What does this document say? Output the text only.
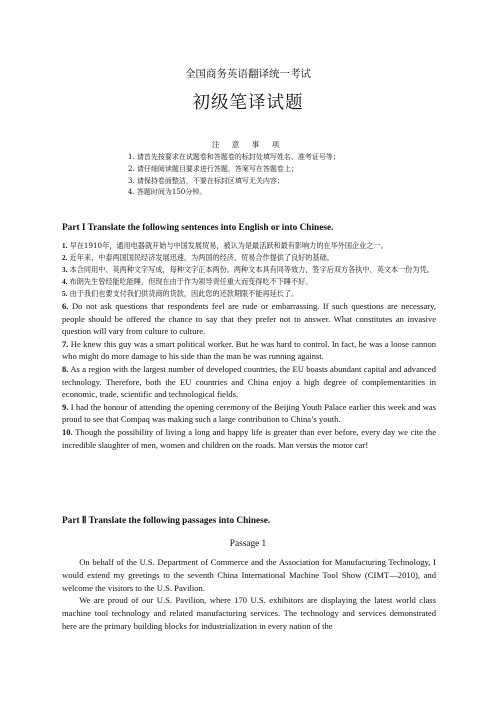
全国商务英语翻译统一考试
初级笔译试题
注 意 事 项
1. 请首先按要求在试题卷和答题卷的标封处填写姓名、准考证号等；
2. 请仔细阅读题目要求进行答题，答案写在答题卷上；
3. 请保持卷面整洁，不要在标封区填写无关内容；
4. 答题时间为150分钟。
Part I Translate the following sentences into English or into Chinese.
1. 早在1910年，通用电器就开始与中国发展贸易，被认为是最活跃和最有影响力的在华外国企业之一。
2. 近年来，中泰两国国民经济发展迅速，为两国的经济、贸易合作提供了良好的基础。
3. 本合同用中、英两种文字写成，每种文字正本两份。两种文本具有同等效力，签字后双方各执中、英文本一份为凭。
4. 布朗先生曾经能吃能睡，但现在由于作为领导责任重大而变得吃不下睡不好。
5. 由于我们也要支付我们供货商的货款，因此您的还款期限不能再延长了。
6. Do not ask questions that respondents feel are rude or embarrassing. If such questions are necessary, people should be offered the chance to say that they prefer not to answer. What constitutes an invasive question will vary from culture to culture.
7. He knew this guy was a smart political worker. But he was hard to control. In fact, he was a loose cannon who might do more damage to his side than the man he was running against.
8. As a region with the largest number of developed countries, the EU boasts abundant capital and advanced technology. Therefore, both the EU countries and China enjoy a high degree of complementarities in economic, trade, scientific and technological fields.
9. I had the honour of attending the opening ceremony of the Beijing Youth Palace earlier this week and was proud to see that Compaq was making such a large contribution to China’s youth.
10. Though the possibility of living a long and happy life is greater than ever before, every day we cite the incredible slaughter of men, women and children on the roads. Man versus the motor car!
Part Ⅱ Translate the following passages into Chinese.
Passage 1

On behalf of the U.S. Department of Commerce and the Association for Manufacturing Technology, I would extend my greetings to the seventh China International Machine Tool Show (CIMT—2010), and welcome the visitors to the U.S. Pavilion.

We are proud of our U.S. Pavilion, where 170 U.S. exhibitors are displaying the latest world class machine tool technology and related manufacturing services. The technology and services demonstrated here are the primary building blocks for industrialization in every nation of the
